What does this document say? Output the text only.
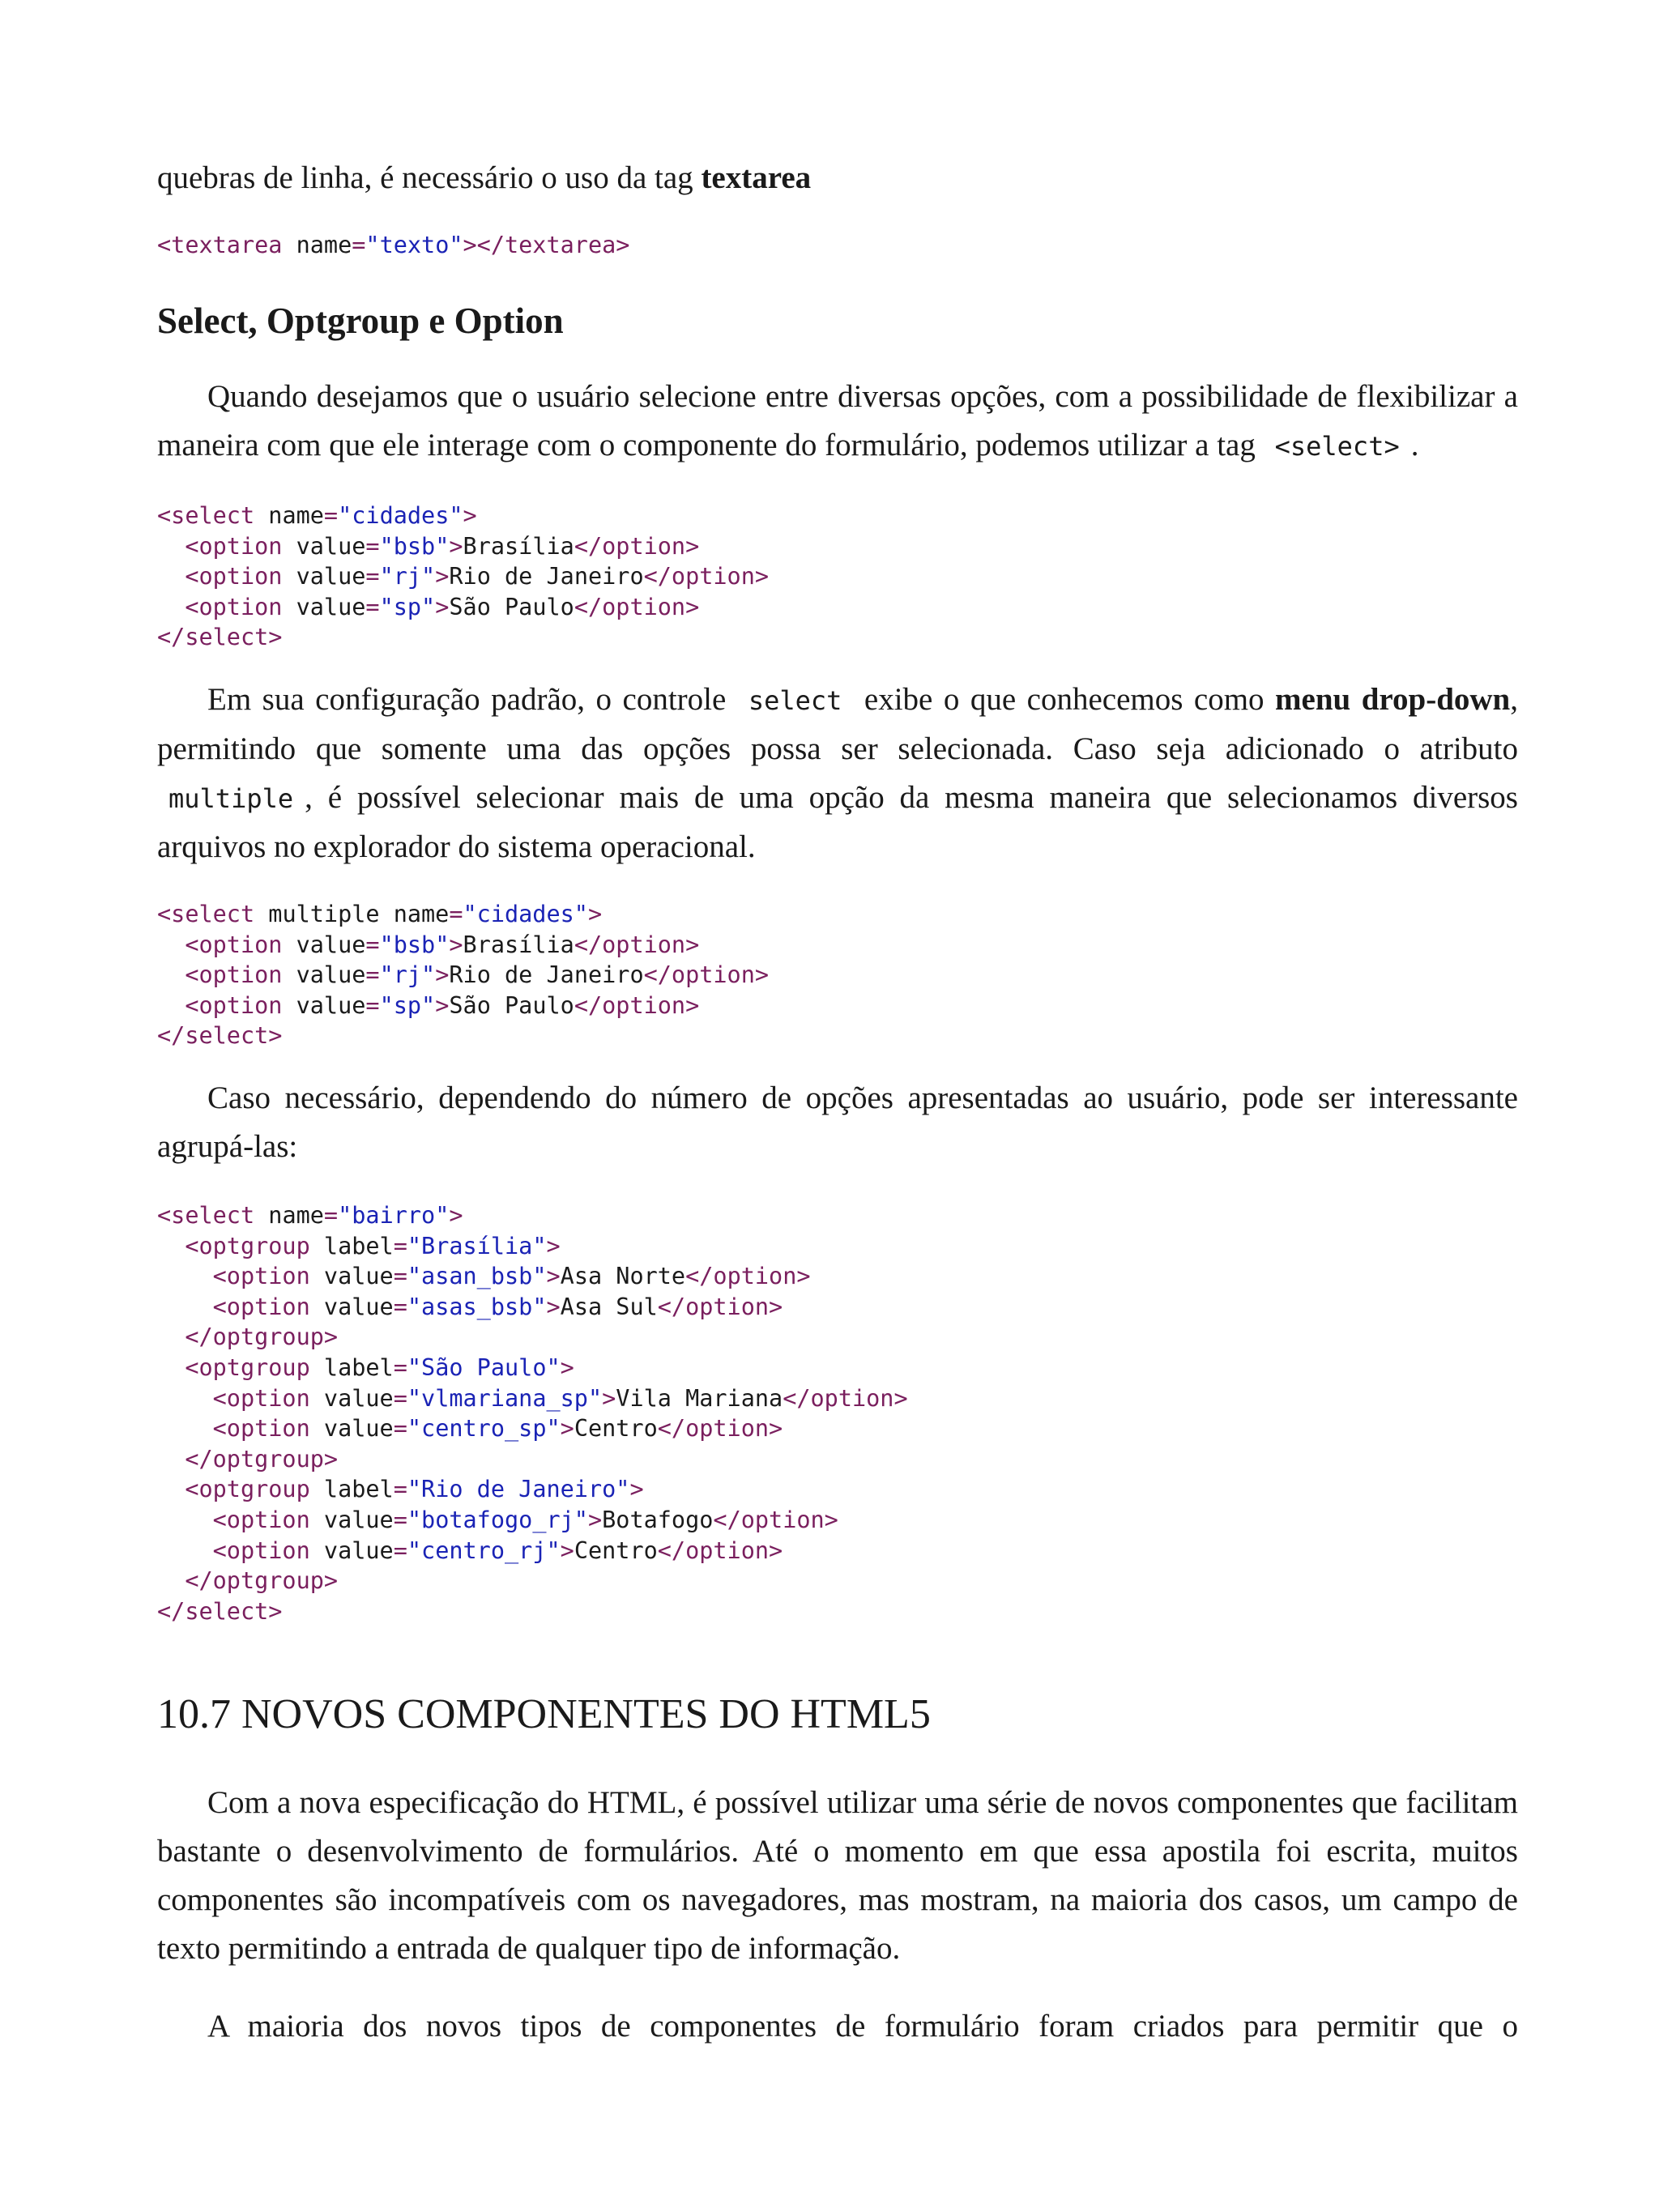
quebras de linha, é necessário o uso da tag textarea

<textarea name="texto"></textarea>
Select, Optgroup e Option

Quando desejamos que o usuário selecione entre diversas opções, com a possibilidade de flexibilizar a maneira com que ele interage com o componente do formulário, podemos utilizar a tag <select> .

<select name="cidades">
<option value="bsb">Brasília</option>
<option value="rj">Rio de Janeiro</option>
<option value="sp">São Paulo</option>
</select>

Em sua configuração padrão, o controle select exibe o que conhecemos como menu drop-down, permitindo que somente uma das opções possa ser selecionada. Caso seja adicionado o atributo multiple , é possível selecionar mais de uma opção da mesma maneira que selecionamos diversos arquivos no explorador do sistema operacional.

<select multiple name="cidades">
<option value="bsb">Brasília</option>
<option value="rj">Rio de Janeiro</option>
<option value="sp">São Paulo</option>
</select>

Caso necessário, dependendo do número de opções apresentadas ao usuário, pode ser interessante agrupá-las:

<select name="bairro">
<optgroup label="Brasília">
<option value="asan_bsb">Asa Norte</option>
<option value="asas_bsb">Asa Sul</option>
</optgroup>
<optgroup label="São Paulo">
<option value="vlmariana_sp">Vila Mariana</option>
<option value="centro_sp">Centro</option>
</optgroup>
<optgroup label="Rio de Janeiro">
<option value="botafogo_rj">Botafogo</option>
<option value="centro_rj">Centro</option>
</optgroup>
</select>
10.7 NOVOS COMPONENTES DO HTML5

Com a nova especificação do HTML, é possível utilizar uma série de novos componentes que facilitam bastante o desenvolvimento de formulários. Até o momento em que essa apostila foi escrita, muitos componentes são incompatíveis com os navegadores, mas mostram, na maioria dos casos, um campo de texto permitindo a entrada de qualquer tipo de informação.

A maioria dos novos tipos de componentes de formulário foram criados para permitir que o
